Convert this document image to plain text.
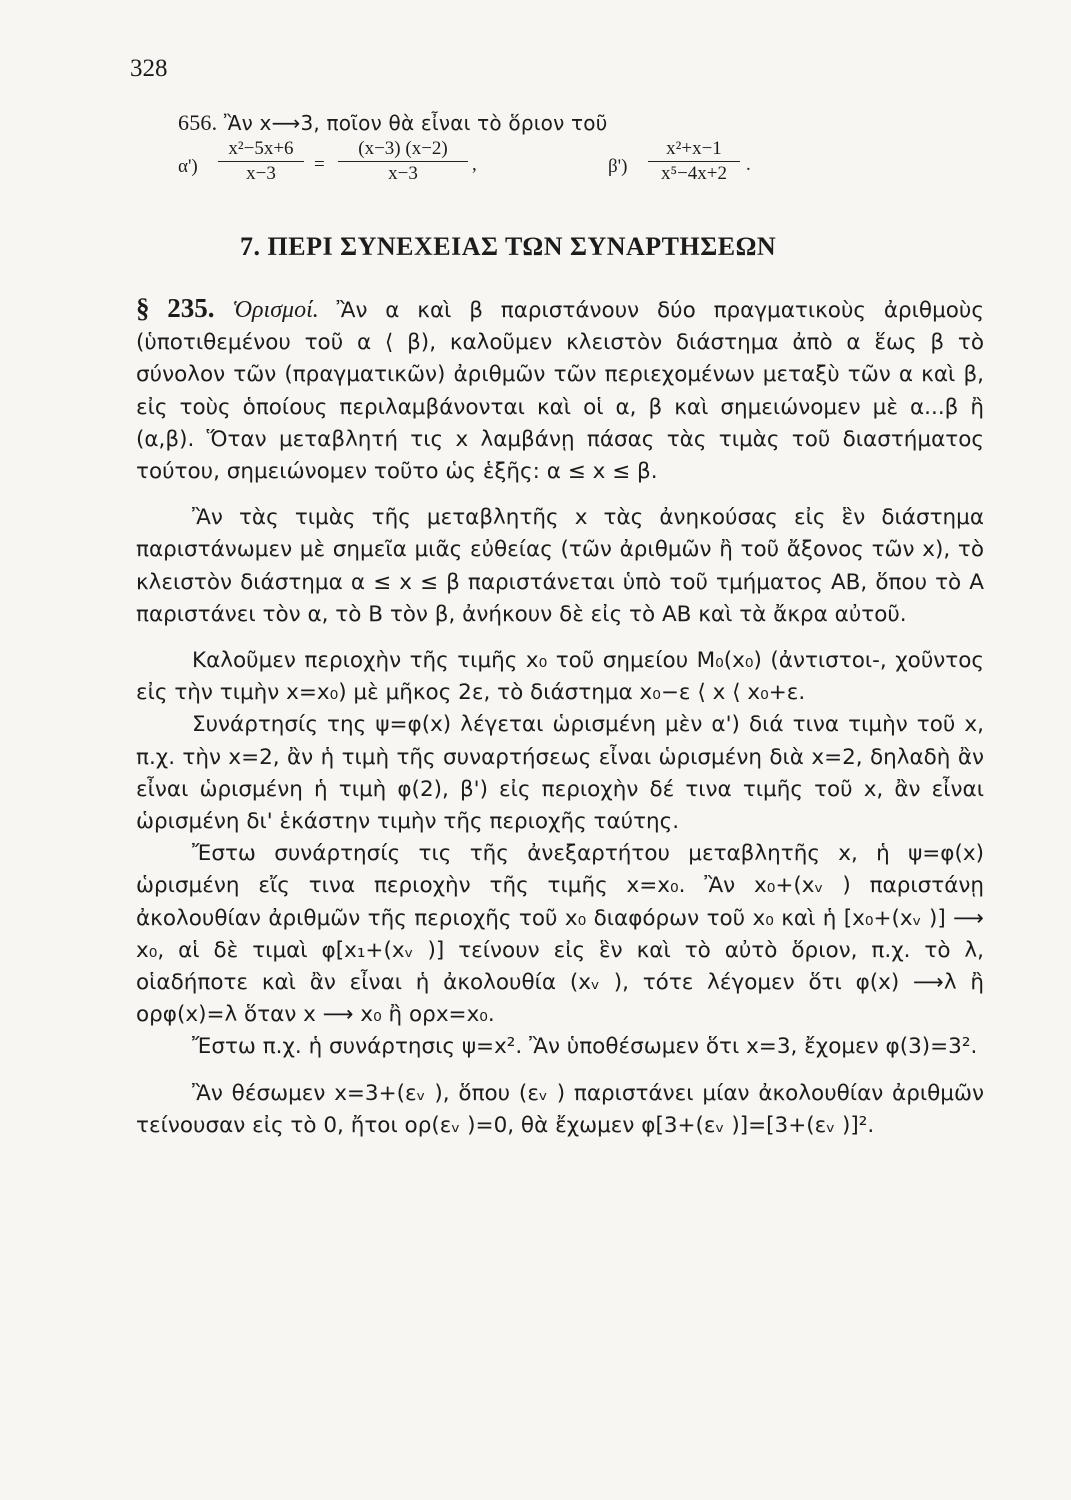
328
656. Ἂν x⟶3, ποῖον θὰ εἶναι τὸ ὅριον τοῦ
$\alpha') \frac{\text{x²−5x+6}}{x-3} = \frac{(x-3) (x-2)}{x-3}$ ,	$\beta') \frac{\text{x²+x−1}}{\text{x⁵−4x+2}}$ .
7. ΠΕΡΙ ΣΥΝΕΧΕΙΑΣ ΤΩΝ ΣΥΝΑΡΤΗΣΕΩΝ

§ 235. Ὁρισμοί. Ἂν α καὶ β παριστάνουν δύο πραγματικοὺς ἀριθμοὺς (ὑποτιθεμένου τοῦ α ⟨ β), καλοῦμεν κλειστὸν διάστημα ἀπὸ α ἕως β τὸ σύνολον τῶν (πραγματικῶν) ἀριθμῶν τῶν περιεχομένων μεταξὺ τῶν α καὶ β, εἰς τοὺς ὁποίους περιλαμβάνονται καὶ οἱ α, β καὶ σημειώνομεν μὲ α...β ἢ (α,β). Ὅταν μεταβλητή τις x λαμβάνῃ πάσας τὰς τιμὰς τοῦ διαστήματος τούτου, σημειώνομεν τοῦτο ὡς ἑξῆς: α ≤ x ≤ β.

Ἂν τὰς τιμὰς τῆς μεταβλητῆς x τὰς ἀνηκούσας εἰς ἓν διάστημα παριστάνωμεν μὲ σημεῖα μιᾶς εὐθείας (τῶν ἀριθμῶν ἢ τοῦ ἄξονος τῶν x), τὸ κλειστὸν διάστημα α ≤ x ≤ β παριστάνεται ὑπὸ τοῦ τμήματος ΑΒ, ὅπου τὸ Α παριστάνει τὸν α, τὸ Β τὸν β, ἀνήκουν δὲ εἰς τὸ ΑΒ καὶ τὰ ἄκρα αὐτοῦ.

Καλοῦμεν περιοχὴν τῆς τιμῆς x₀ τοῦ σημείου M₀(x₀) (ἀντιστοι-, χοῦντος εἰς τὴν τιμὴν x=x₀) μὲ μῆκος 2ε, τὸ διάστημα x₀−ε ⟨ x ⟨ x₀+ε.

Συνάρτησίς της ψ=φ(x) λέγεται ὡρισμένη μὲν α') διά τινα τιμὴν τοῦ x, π.χ. τὴν x=2, ἂν ἡ τιμὴ τῆς συναρτήσεως εἶναι ὡρισμένη διὰ x=2, δηλαδὴ ἂν εἶναι ὡρισμένη ἡ τιμὴ φ(2), β') εἰς περιοχὴν δέ τινα τιμῆς τοῦ x, ἂν εἶναι ὡρισμένη δι' ἑκάστην τιμὴν τῆς περιοχῆς ταύτης.

Ἔστω συνάρτησίς τις τῆς ἀνεξαρτήτου μεταβλητῆς x, ἡ ψ=φ(x) ὡρισμένη εἴς τινα περιοχὴν τῆς τιμῆς x=x₀. Ἂν x₀+(xᵥ ) παριστάνῃ ἀκολουθίαν ἀριθμῶν τῆς περιοχῆς τοῦ x₀ διαφόρων τοῦ x₀ καὶ ἡ [x₀+(xᵥ )] ⟶ x₀, αἱ δὲ τιμαὶ φ[x₁+(xᵥ )] τείνουν εἰς ἓν καὶ τὸ αὐτὸ ὅριον, π.χ. τὸ λ, οἱαδήποτε καὶ ἂν εἶναι ἡ ἀκολουθία (xᵥ ), τότε λέγομεν ὅτι φ(x) ⟶λ ἢ ορφ(x)=λ ὅταν x ⟶ x₀ ἢ ορx=x₀.

Ἔστω π.χ. ἡ συνάρτησις ψ=x². Ἂν ὑποθέσωμεν ὅτι x=3, ἔχομεν φ(3)=3².

Ἂν θέσωμεν x=3+(εᵥ ), ὅπου (εᵥ ) παριστάνει μίαν ἀκολουθίαν ἀριθμῶν τείνουσαν εἰς τὸ 0, ἤτοι ορ(εᵥ )=0, θὰ ἔχωμεν φ[3+(εᵥ )]=[3+(εᵥ )]².
